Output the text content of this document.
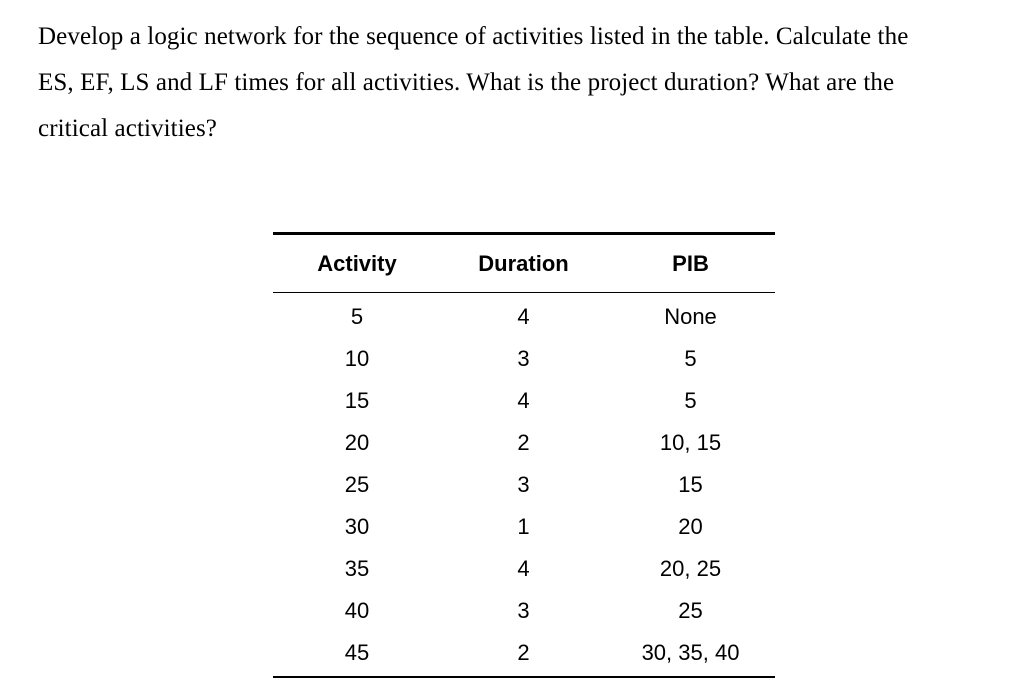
Develop a logic network for the sequence of activities listed in the table. Calculate the
ES, EF, LS and LF times for all activities. What is the project duration? What are the
critical activities?
Activity	Duration	PIB
5	4	None
10	3	5
15	4	5
20	2	10, 15
25	3	15
30	1	20
35	4	20, 25
40	3	25
45	2	30, 35, 40
